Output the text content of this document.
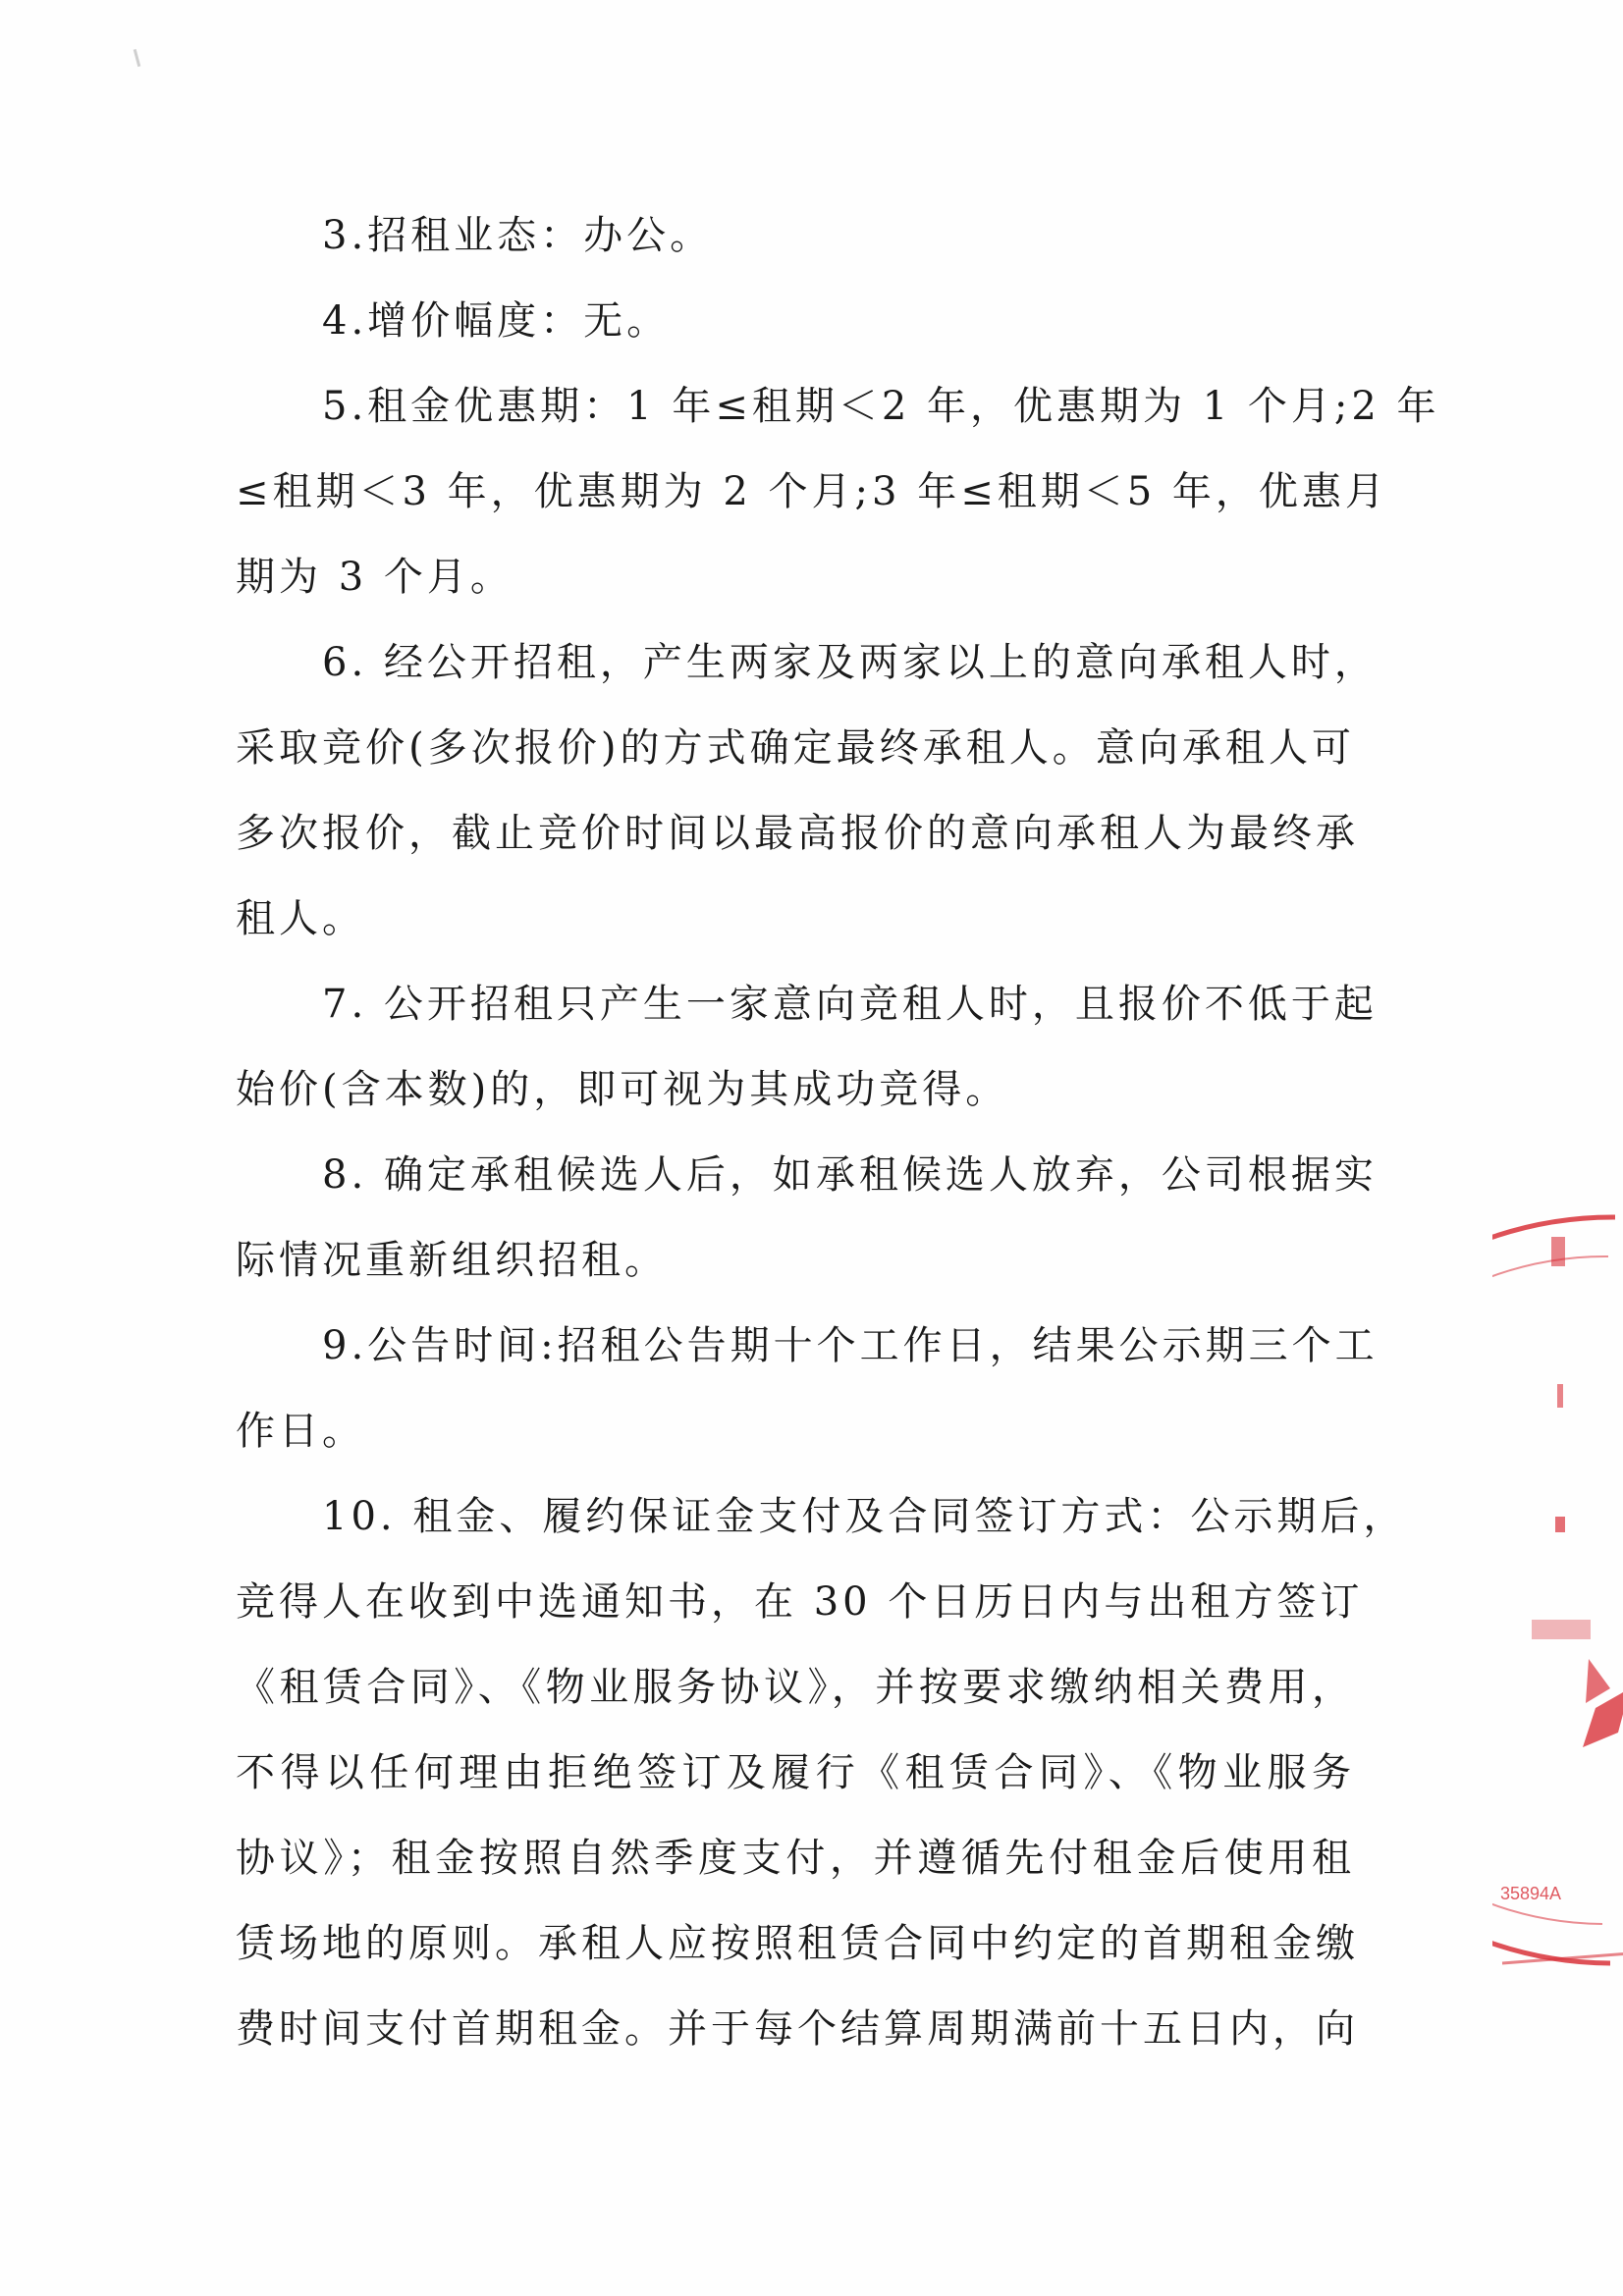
3.招租业态：办公。
4.增价幅度：无。
5.租金优惠期：1 年≤租期＜2 年，优惠期为 1 个月;2 年
≤租期＜3 年，优惠期为 2 个月;3 年≤租期＜5 年，优惠月
期为 3 个月。
6. 经公开招租，产生两家及两家以上的意向承租人时，
采取竞价(多次报价)的方式确定最终承租人。意向承租人可
多次报价，截止竞价时间以最高报价的意向承租人为最终承
租人。
7. 公开招租只产生一家意向竞租人时，且报价不低于起
始价(含本数)的，即可视为其成功竞得。
8. 确定承租候选人后，如承租候选人放弃，公司根据实
际情况重新组织招租。
9.公告时间:招租公告期十个工作日，结果公示期三个工
作日。
10. 租金、履约保证金支付及合同签订方式：公示期后，
竞得人在收到中选通知书，在 30 个日历日内与出租方签订
《租赁合同》、《物业服务协议》，并按要求缴纳相关费用，
不得以任何理由拒绝签订及履行《租赁合同》、《物业服务
协议》；租金按照自然季度支付，并遵循先付租金后使用租
赁场地的原则。承租人应按照租赁合同中约定的首期租金缴
费时间支付首期租金。并于每个结算周期满前十五日内，向
35894A
